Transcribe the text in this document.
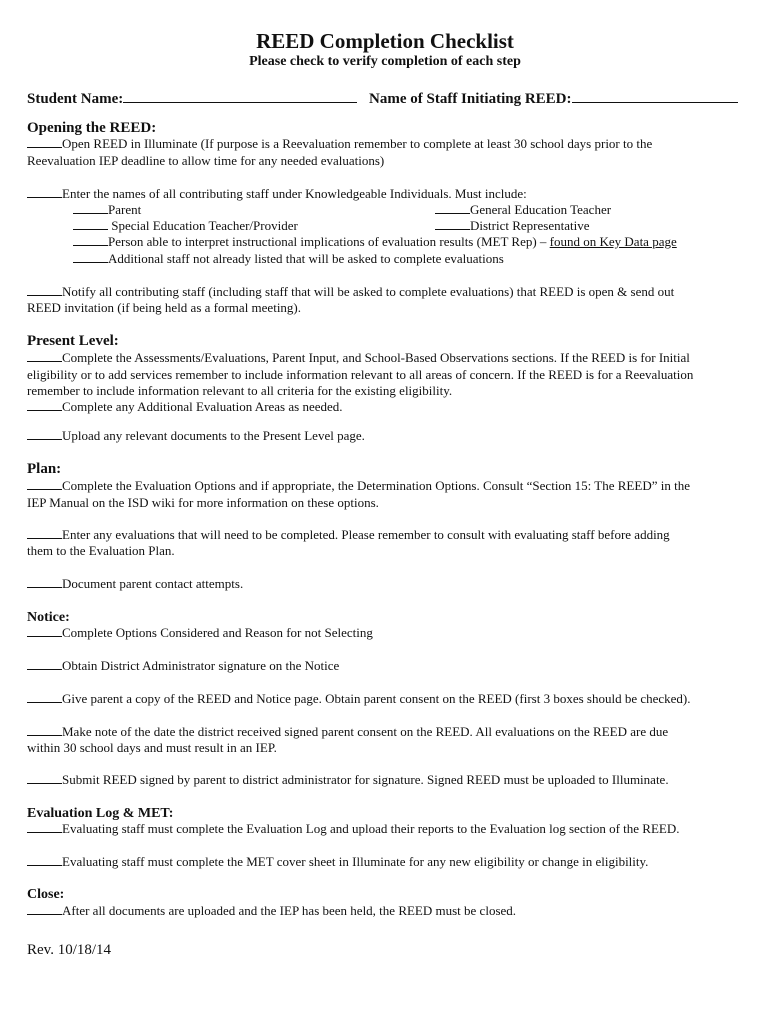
REED Completion Checklist
Please check to verify completion of each step
Student Name:	Name of Staff Initiating REED:
Opening the REED:
Open REED in Illuminate (If purpose is a Reevaluation remember to complete at least 30 school days prior to the
Reevaluation IEP deadline to allow time for any needed evaluations)
Enter the names of all contributing staff under Knowledgeable Individuals. Must include:
Parent	General Education Teacher
Special Education Teacher/Provider	District Representative
Person able to interpret instructional implications of evaluation results (MET Rep) – found on Key Data page
Additional staff not already listed that will be asked to complete evaluations
Notify all contributing staff (including staff that will be asked to complete evaluations) that REED is open & send out
REED invitation (if being held as a formal meeting).
Present Level:
Complete the Assessments/Evaluations, Parent Input, and School-Based Observations sections. If the REED is for Initial
eligibility or to add services remember to include information relevant to all areas of concern. If the REED is for a Reevaluation
remember to include information relevant to all criteria for the existing eligibility.
Complete any Additional Evaluation Areas as needed.
Upload any relevant documents to the Present Level page.
Plan:
Complete the Evaluation Options and if appropriate, the Determination Options. Consult “Section 15: The REED” in the
IEP Manual on the ISD wiki for more information on these options.
Enter any evaluations that will need to be completed. Please remember to consult with evaluating staff before adding
them to the Evaluation Plan.
Document parent contact attempts.
Notice:
Complete Options Considered and Reason for not Selecting
Obtain District Administrator signature on the Notice
Give parent a copy of the REED and Notice page. Obtain parent consent on the REED (first 3 boxes should be checked).
Make note of the date the district received signed parent consent on the REED. All evaluations on the REED are due
within 30 school days and must result in an IEP.
Submit REED signed by parent to district administrator for signature. Signed REED must be uploaded to Illuminate.
Evaluation Log & MET:
Evaluating staff must complete the Evaluation Log and upload their reports to the Evaluation log section of the REED.
Evaluating staff must complete the MET cover sheet in Illuminate for any new eligibility or change in eligibility.
Close:
After all documents are uploaded and the IEP has been held, the REED must be closed.
Rev. 10/18/14
